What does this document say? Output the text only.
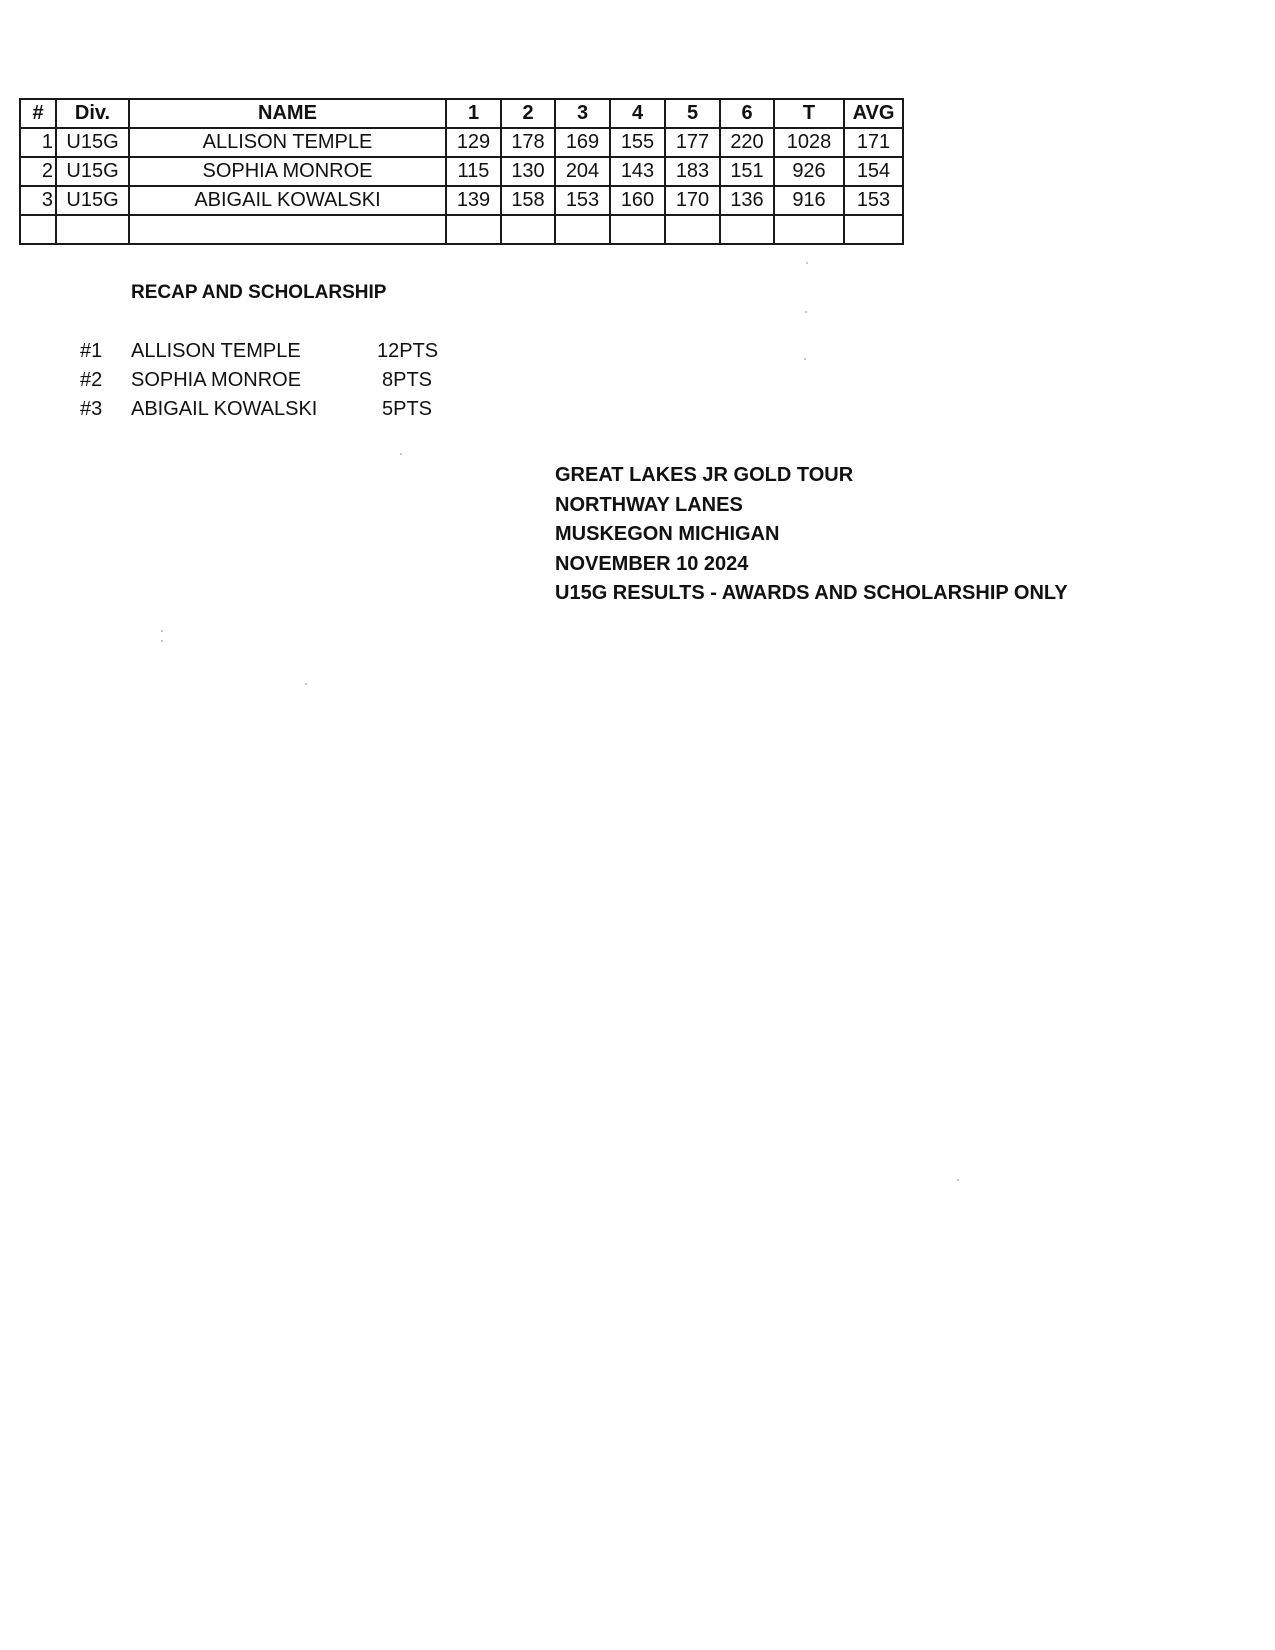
#	Div.	NAME	1	2	3	4	5	6	T	AVG
1	U15G	ALLISON TEMPLE	129	178	169	155	177	220	1028	171
2	U15G	SOPHIA MONROE	115	130	204	143	183	151	926	154
3	U15G	ABIGAIL KOWALSKI	139	158	153	160	170	136	916	153

RECAP AND SCHOLARSHIP
#1 ALLISON TEMPLE	12PTS
#2 SOPHIA MONROE	8PTS
#3 ABIGAIL KOWALSKI	5PTS
GREAT LAKES JR GOLD TOUR
NORTHWAY LANES
MUSKEGON MICHIGAN
NOVEMBER 10 2024
U15G RESULTS - AWARDS AND SCHOLARSHIP ONLY
